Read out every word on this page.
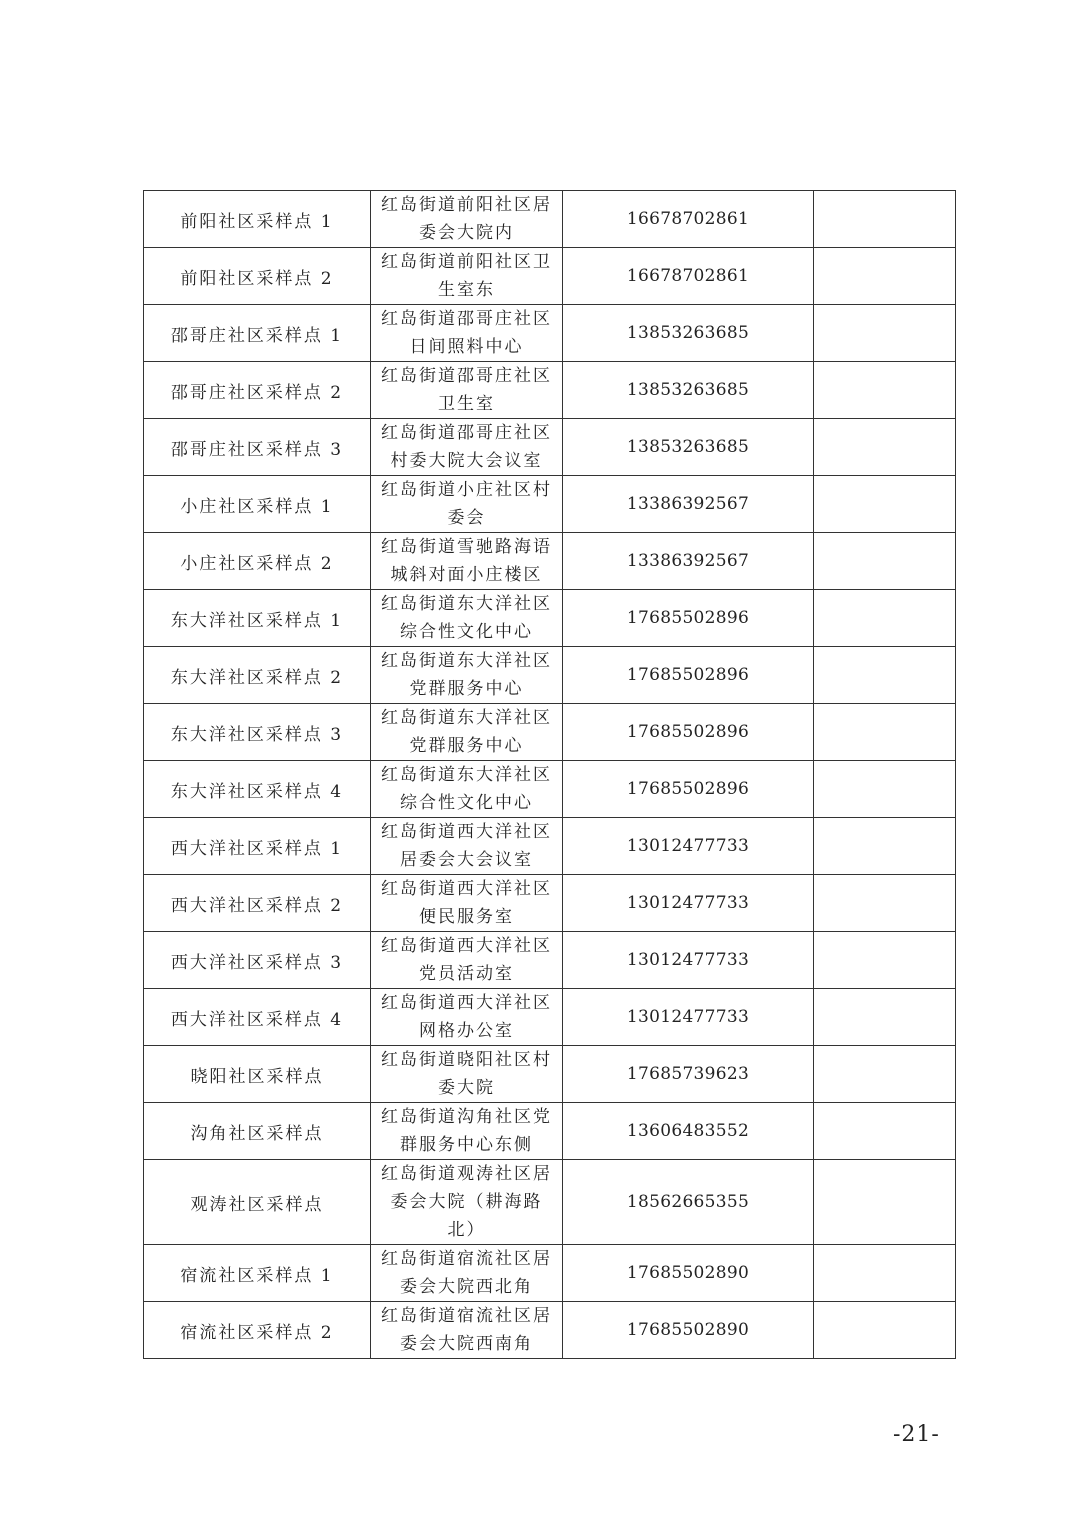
前阳社区采样点 1	红岛街道前阳社区居委会大院内	16678702861	
前阳社区采样点 2	红岛街道前阳社区卫生室东	16678702861	
邵哥庄社区采样点 1	红岛街道邵哥庄社区日间照料中心	13853263685	
邵哥庄社区采样点 2	红岛街道邵哥庄社区卫生室	13853263685	
邵哥庄社区采样点 3	红岛街道邵哥庄社区村委大院大会议室	13853263685	
小庄社区采样点 1	红岛街道小庄社区村委会	13386392567	
小庄社区采样点 2	红岛街道雪驰路海语城斜对面小庄楼区	13386392567	
东大洋社区采样点 1	红岛街道东大洋社区综合性文化中心	17685502896	
东大洋社区采样点 2	红岛街道东大洋社区党群服务中心	17685502896	
东大洋社区采样点 3	红岛街道东大洋社区党群服务中心	17685502896	
东大洋社区采样点 4	红岛街道东大洋社区综合性文化中心	17685502896	
西大洋社区采样点 1	红岛街道西大洋社区居委会大会议室	13012477733	
西大洋社区采样点 2	红岛街道西大洋社区便民服务室	13012477733	
西大洋社区采样点 3	红岛街道西大洋社区党员活动室	13012477733	
西大洋社区采样点 4	红岛街道西大洋社区网格办公室	13012477733	
晓阳社区采样点	红岛街道晓阳社区村委大院	17685739623	
沟角社区采样点	红岛街道沟角社区党群服务中心东侧	13606483552	
观涛社区采样点	红岛街道观涛社区居委会大院（耕海路北）	18562665355	
宿流社区采样点 1	红岛街道宿流社区居委会大院西北角	17685502890	
宿流社区采样点 2	红岛街道宿流社区居委会大院西南角	17685502890	
-21-
